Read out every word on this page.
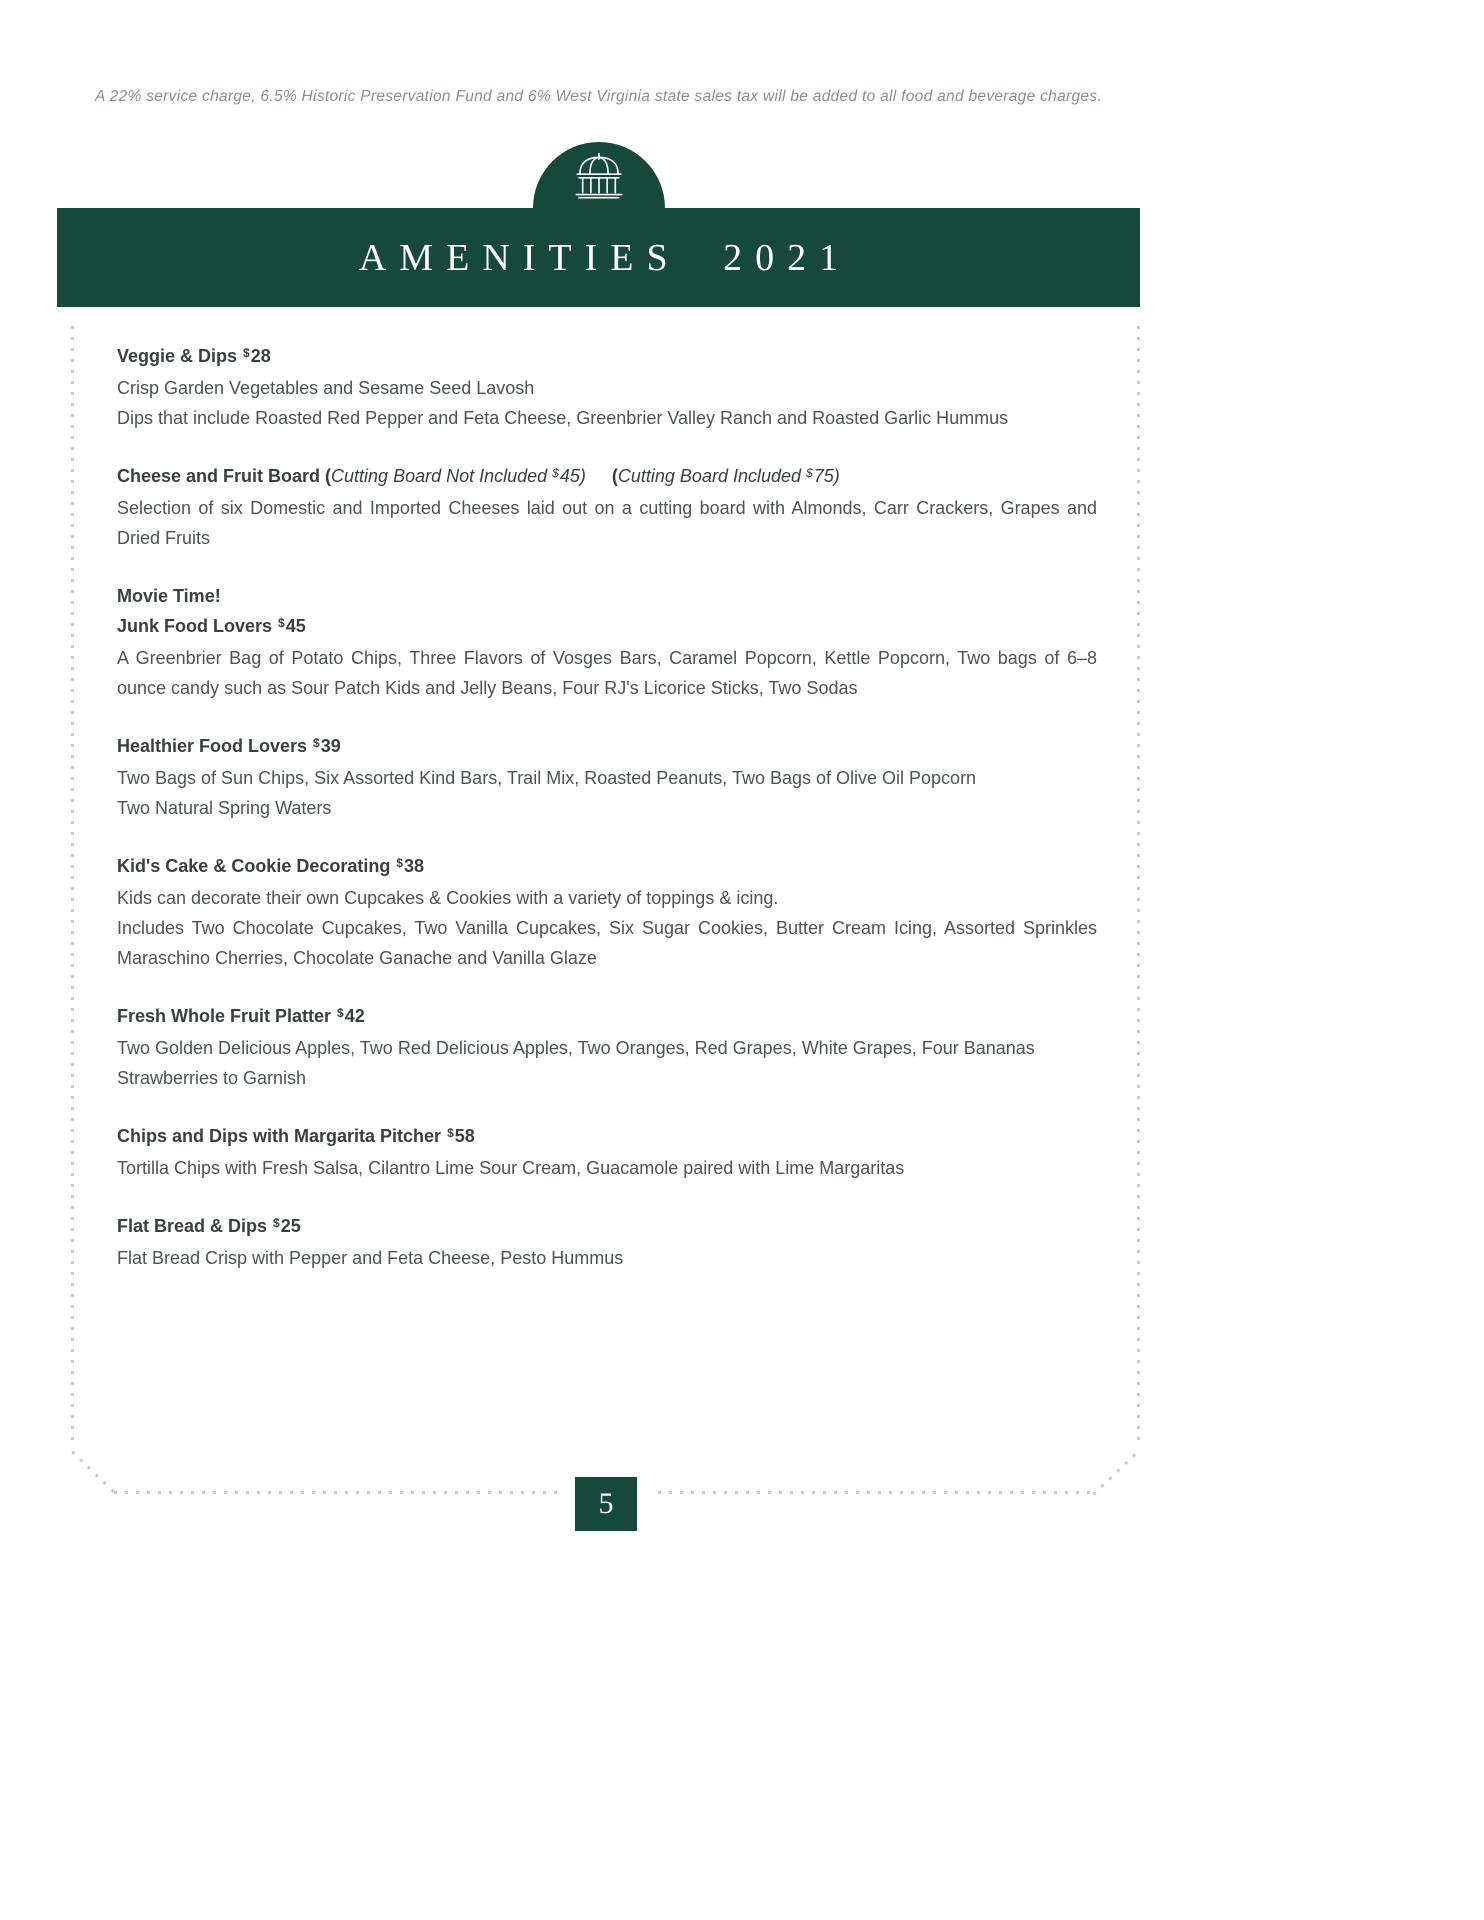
A 22% service charge, 6.5% Historic Preservation Fund and 6% West Virginia state sales tax will be added to all food and beverage charges.
AMENITIES 2021
Veggie & Dips $28

Crisp Garden Vegetables and Sesame Seed Lavosh

Dips that include Roasted Red Pepper and Feta Cheese, Greenbrier Valley Ranch and Roasted Garlic Hummus

Cheese and Fruit Board (Cutting Board Not Included $45) (Cutting Board Included $75)

Selection of six Domestic and Imported Cheeses laid out on a cutting board with Almonds, Carr Crackers, Grapes and Dried Fruits

Movie Time!
Junk Food Lovers $45

A Greenbrier Bag of Potato Chips, Three Flavors of Vosges Bars, Caramel Popcorn, Kettle Popcorn, Two bags of 6–8 ounce candy such as Sour Patch Kids and Jelly Beans, Four RJ's Licorice Sticks, Two Sodas

Healthier Food Lovers $39

Two Bags of Sun Chips, Six Assorted Kind Bars, Trail Mix, Roasted Peanuts, Two Bags of Olive Oil Popcorn

Two Natural Spring Waters

Kid's Cake & Cookie Decorating $38

Kids can decorate their own Cupcakes & Cookies with a variety of toppings & icing.

Includes Two Chocolate Cupcakes, Two Vanilla Cupcakes, Six Sugar Cookies, Butter Cream Icing, Assorted Sprinkles Maraschino Cherries, Chocolate Ganache and Vanilla Glaze

Fresh Whole Fruit Platter $42

Two Golden Delicious Apples, Two Red Delicious Apples, Two Oranges, Red Grapes, White Grapes, Four Bananas

Strawberries to Garnish

Chips and Dips with Margarita Pitcher $58

Tortilla Chips with Fresh Salsa, Cilantro Lime Sour Cream, Guacamole paired with Lime Margaritas

Flat Bread & Dips $25

Flat Bread Crisp with Pepper and Feta Cheese, Pesto Hummus

5
